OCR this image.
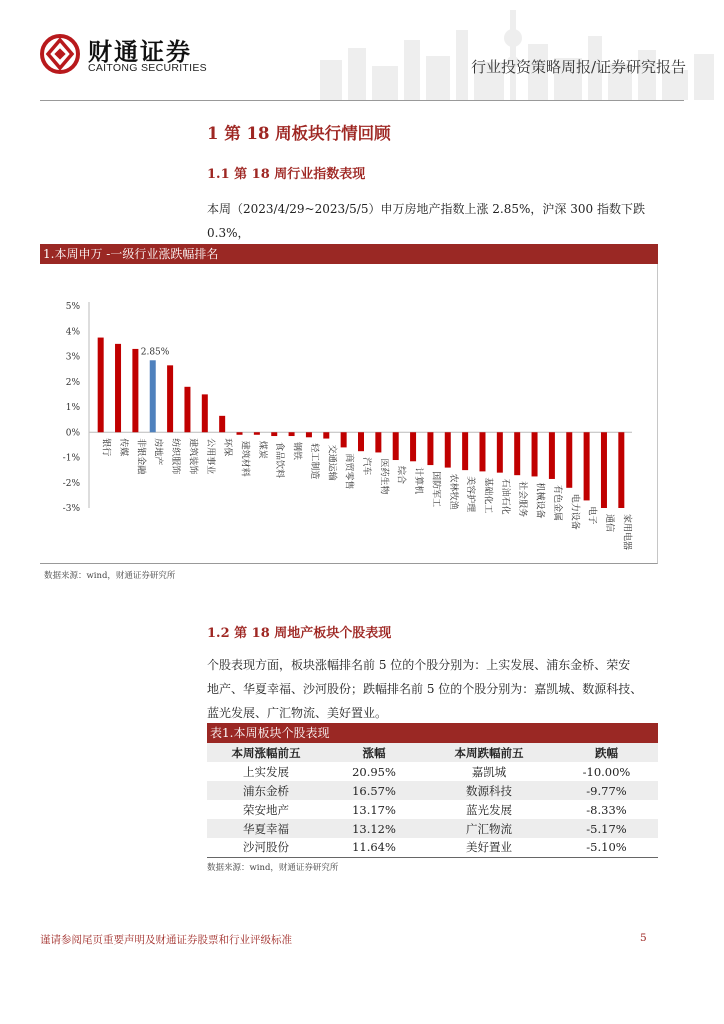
财通证券
CAITONG SECURITIES	行业投资策略周报/证券研究报告
1 第 18 周板块行情回顾
1.1 第 18 周行业指数表现
本周（2023/4/29~2023/5/5）申万房地产指数上涨 2.85%，沪深 300 指数下跌 0.3%，
1.本周申万 -一级行业涨跌幅排名
5%
4%
3%
2%
1%
0%
-1%
-2%
-3%
银行 传媒 非银金融 房地产 纺织服饰 建筑装饰 公用事业 环保 建筑材料 煤炭 食品饮料 钢铁 轻工制造 交通运输 商贸零售 汽车 医药生物 综合 计算机 国防军工 农林牧渔 美容护理 基础化工 石油石化 社会服务 机械设备 有色金属 电力设备 电子 通信 家用电器
2.85%
数据来源：wind，财通证券研究所
1.2 第 18 周地产板块个股表现
个股表现方面，板块涨幅排名前 5 位的个股分别为：上实发展、浦东金桥、荣安
地产、华夏幸福、沙河股份；跌幅排名前 5 位的个股分别为：嘉凯城、数源科技、
蓝光发展、广汇物流、美好置业。
表1.本周板块个股表现
本周涨幅前五	涨幅	本周跌幅前五	跌幅
上实发展	20.95%	嘉凯城	-10.00%
浦东金桥	16.57%	数源科技	-9.77%
荣安地产	13.17%	蓝光发展	-8.33%
华夏幸福	13.12%	广汇物流	-5.17%
沙河股份	11.64%	美好置业	-5.10%
数据来源：wind，财通证券研究所
谨请参阅尾页重要声明及财通证券股票和行业评级标准	5
